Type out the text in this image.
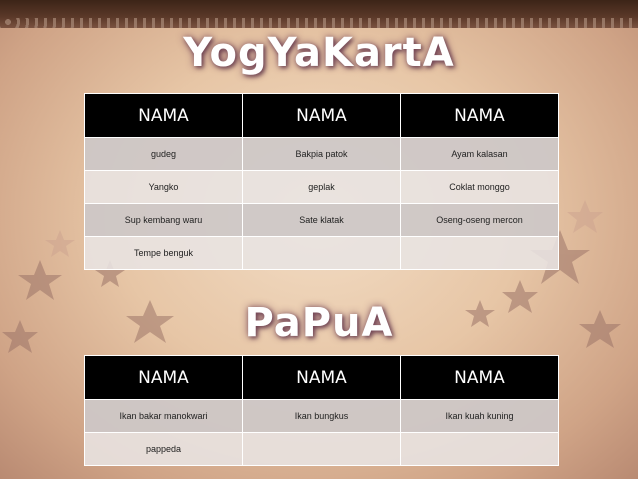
YogYaKartA
NAMA	NAMA	NAMA
gudeg	Bakpia patok	Ayam kalasan
Yangko	geplak	Coklat monggo
Sup kembang waru	Sate klatak	Oseng-oseng mercon
Tempe benguk		
PaPuA
NAMA	NAMA	NAMA
Ikan bakar manokwari	Ikan bungkus	Ikan kuah kuning
pappeda		
